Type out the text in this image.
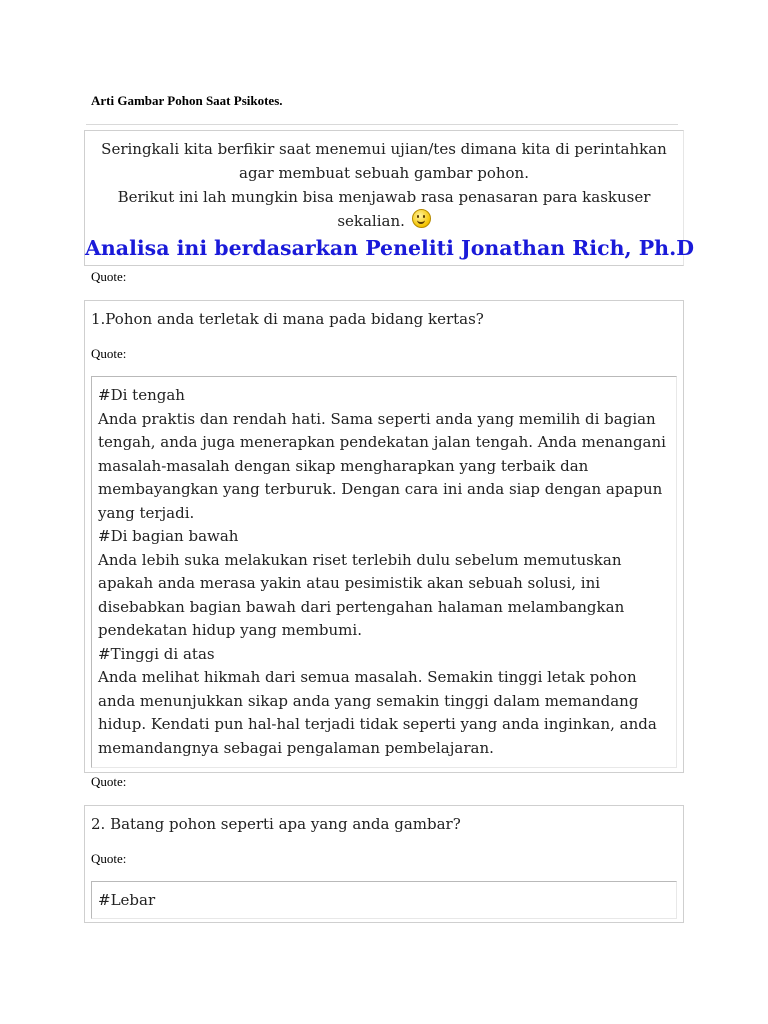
Arti Gambar Pohon Saat Psikotes.
Seringkali kita berfikir saat menemui ujian/tes dimana kita di perintahkan agar membuat sebuah gambar pohon.
Berikut ini lah mungkin bisa menjawab rasa penasaran para kaskuser sekalian.
Analisa ini berdasarkan Peneliti Jonathan Rich, Ph.D
Quote:
1.Pohon anda terletak di mana pada bidang kertas?
Quote:
#Di tengah
Anda praktis dan rendah hati. Sama seperti anda yang memilih di bagian tengah, anda juga menerapkan pendekatan jalan tengah. Anda menangani masalah-masalah dengan sikap mengharapkan yang terbaik dan membayangkan yang terburuk. Dengan cara ini anda siap dengan apapun yang terjadi.
#Di bagian bawah
Anda lebih suka melakukan riset terlebih dulu sebelum memutuskan apakah anda merasa yakin atau pesimistik akan sebuah solusi, ini disebabkan bagian bawah dari pertengahan halaman melambangkan pendekatan hidup yang membumi.
#Tinggi di atas
Anda melihat hikmah dari semua masalah. Semakin tinggi letak pohon anda menunjukkan sikap anda yang semakin tinggi dalam memandang hidup. Kendati pun hal-hal terjadi tidak seperti yang anda inginkan, anda memandangnya sebagai pengalaman pembelajaran.
Quote:
2. Batang pohon seperti apa yang anda gambar?
Quote:
#Lebar
